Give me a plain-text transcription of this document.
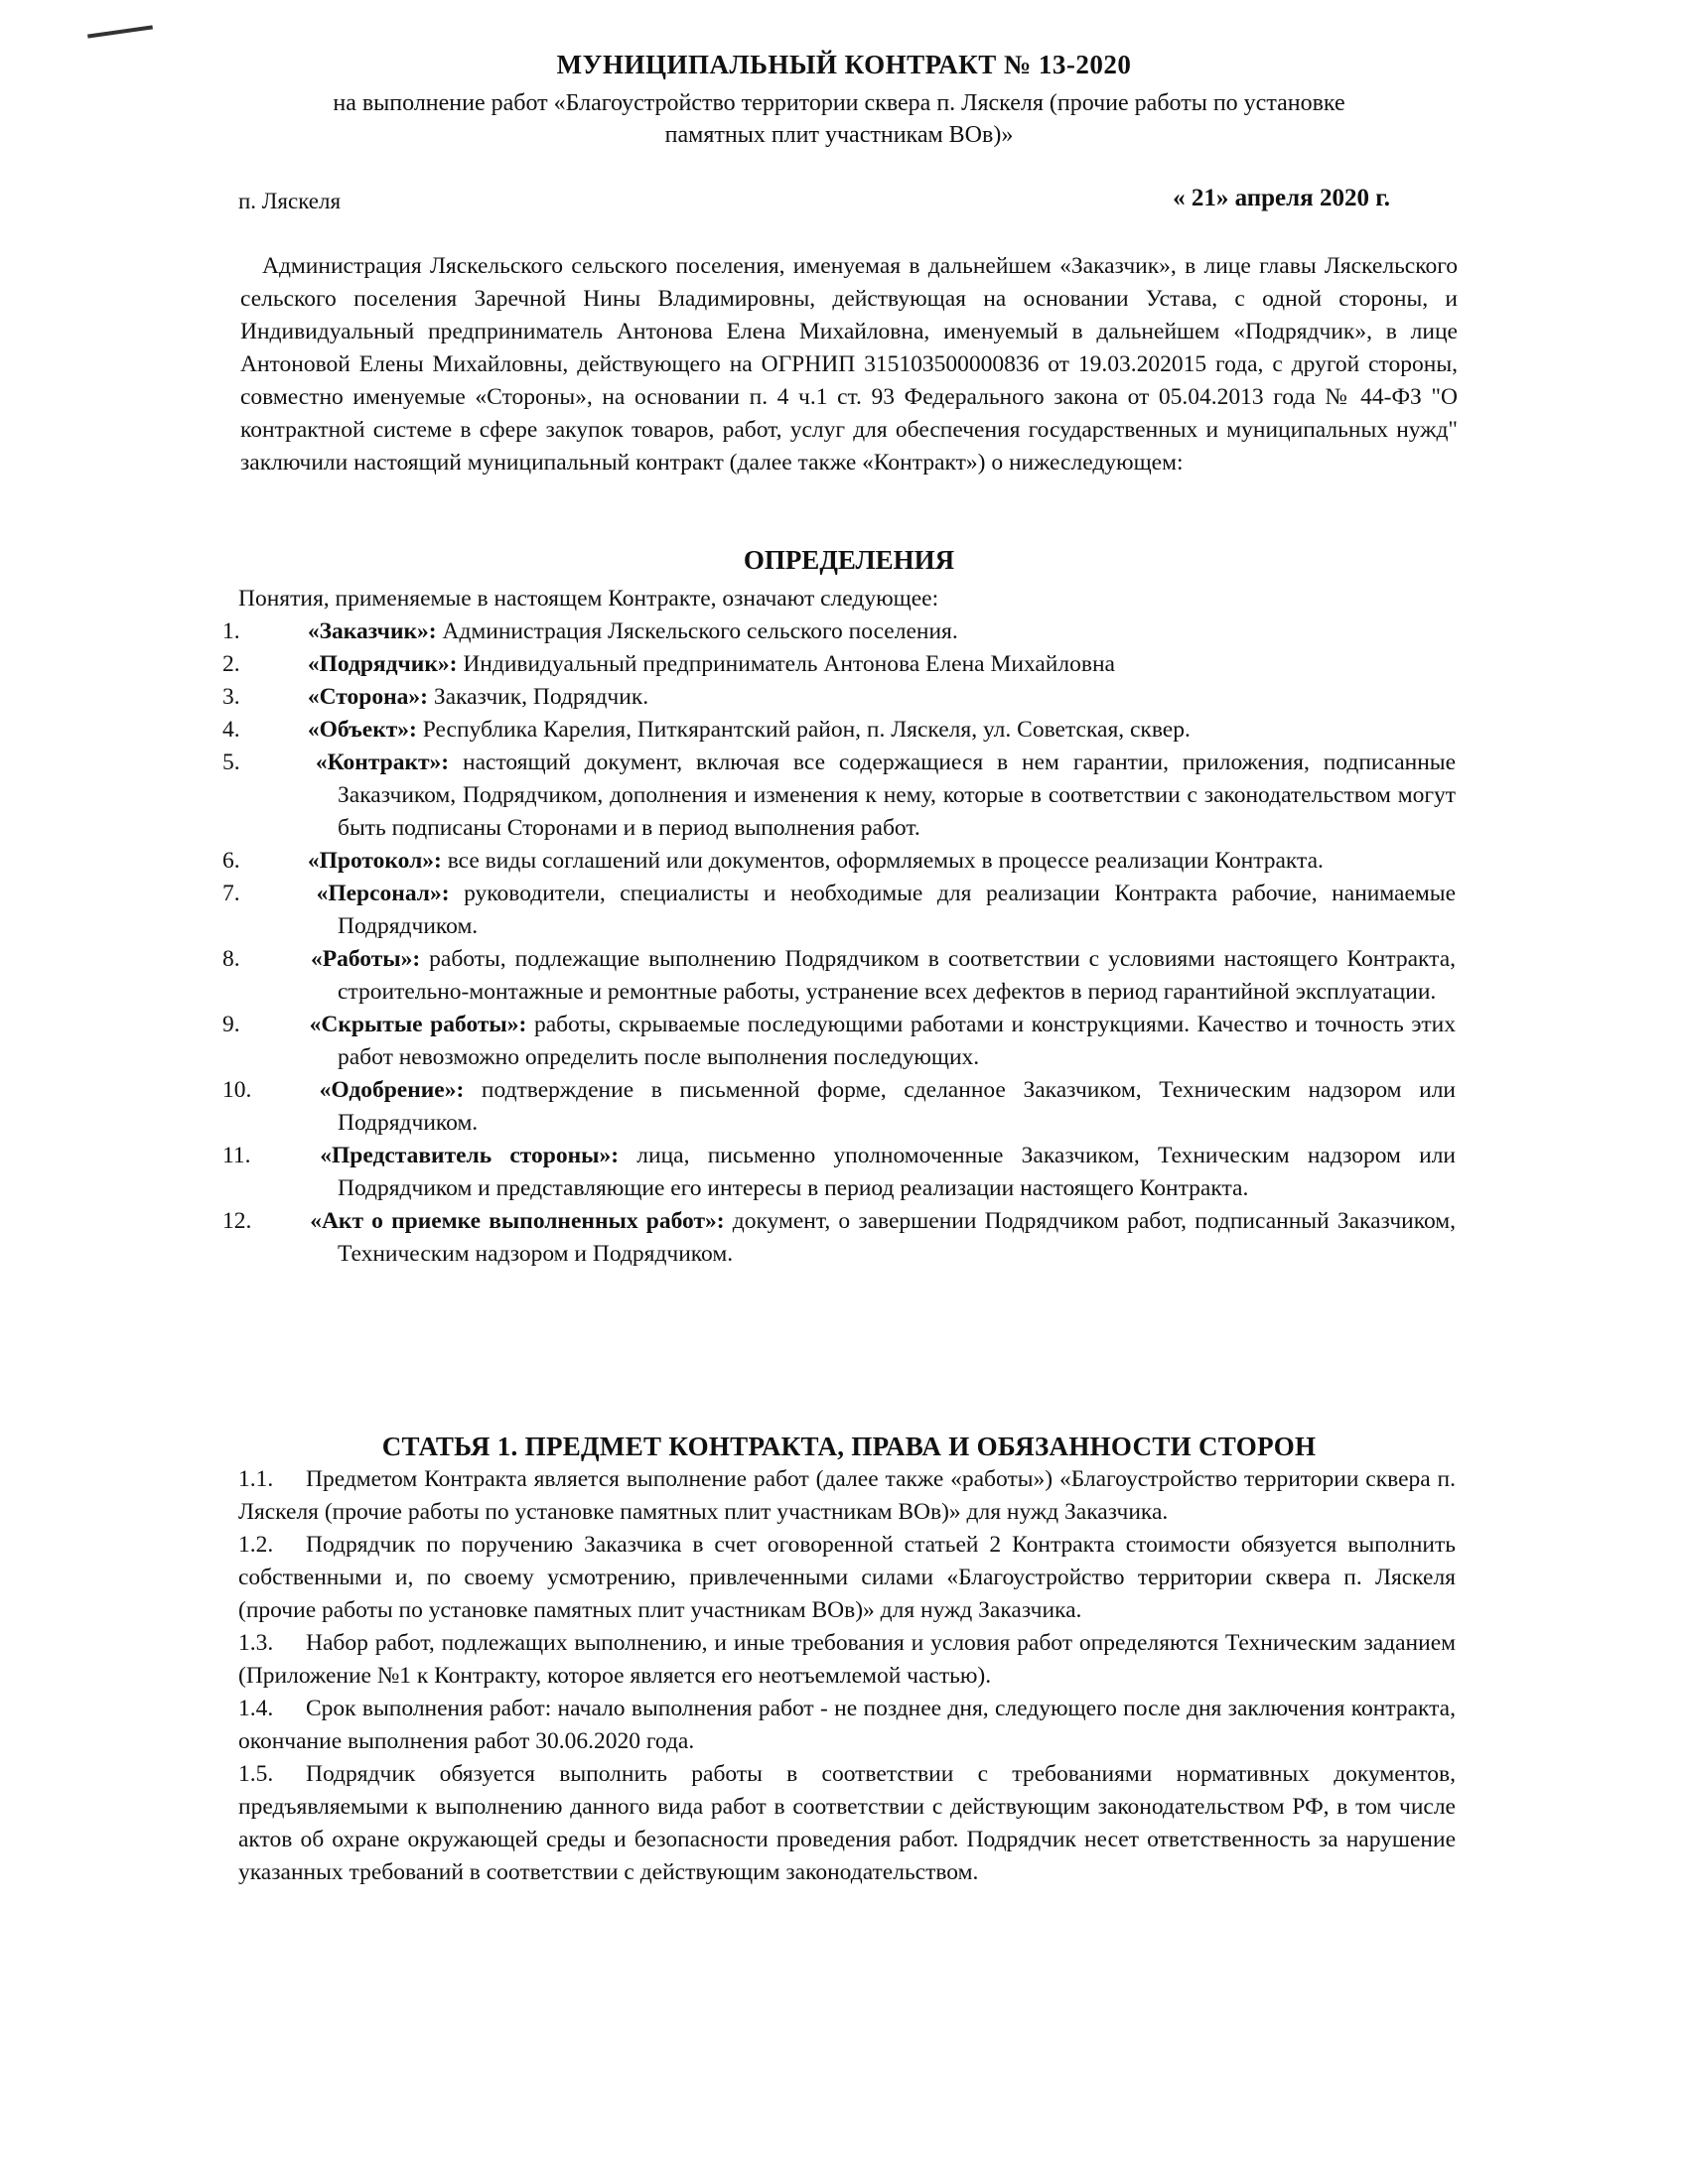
МУНИЦИПАЛЬНЫЙ КОНТРАКТ № 13-2020
на выполнение работ «Благоустройство территории сквера п. Ляскеля (прочие работы по установке памятных плит участникам ВОв)»
п. Ляскеля	« 21» апреля 2020 г.
Администрация Ляскельского сельского поселения, именуемая в дальнейшем «Заказчик», в лице главы Ляскельского сельского поселения Заречной Нины Владимировны, действующая на основании Устава, с одной стороны, и Индивидуальный предприниматель Антонова Елена Михайловна, именуемый в дальнейшем «Подрядчик», в лице Антоновой Елены Михайловны, действующего на ОГРНИП 315103500000836 от 19.03.202015 года, с другой стороны, совместно именуемые «Стороны», на основании п. 4 ч.1 ст. 93 Федерального закона от 05.04.2013 года № 44-ФЗ "О контрактной системе в сфере закупок товаров, работ, услуг для обеспечения государственных и муниципальных нужд" заключили настоящий муниципальный контракт (далее также «Контракт») о нижеследующем:
ОПРЕДЕЛЕНИЯ
Понятия, применяемые в настоящем Контракте, означают следующее:
1.	«Заказчик»: Администрация Ляскельского сельского поселения.
2.	«Подрядчик»: Индивидуальный предприниматель Антонова Елена Михайловна
3.	«Сторона»: Заказчик, Подрядчик.
4.	«Объект»: Республика Карелия, Питкярантский район, п. Ляскеля, ул. Советская, сквер.
5.	«Контракт»: настоящий документ, включая все содержащиеся в нем гарантии, приложения, подписанные Заказчиком, Подрядчиком, дополнения и изменения к нему, которые в соответствии с законодательством могут быть подписаны Сторонами и в период выполнения работ.
6.	«Протокол»: все виды соглашений или документов, оформляемых в процессе реализации Контракта.
7.	«Персонал»: руководители, специалисты и необходимые для реализации Контракта рабочие, нанимаемые Подрядчиком.
8.	«Работы»: работы, подлежащие выполнению Подрядчиком в соответствии с условиями настоящего Контракта, строительно-монтажные и ремонтные работы, устранение всех дефектов в период гарантийной эксплуатации.
9.	«Скрытые работы»: работы, скрываемые последующими работами и конструкциями. Качество и точность этих работ невозможно определить после выполнения последующих.
10.	«Одобрение»: подтверждение в письменной форме, сделанное Заказчиком, Техническим надзором или Подрядчиком.
11.	«Представитель стороны»: лица, письменно уполномоченные Заказчиком, Техническим надзором или Подрядчиком и представляющие его интересы в период реализации настоящего Контракта.
12.	«Акт о приемке выполненных работ»: документ, о завершении Подрядчиком работ, подписанный Заказчиком, Техническим надзором и Подрядчиком.
СТАТЬЯ 1. ПРЕДМЕТ КОНТРАКТА, ПРАВА И ОБЯЗАННОСТИ СТОРОН

1.1. Предметом Контракта является выполнение работ (далее также «работы») «Благоустройство территории сквера п. Ляскеля (прочие работы по установке памятных плит участникам ВОв)» для нужд Заказчика.

1.2. Подрядчик по поручению Заказчика в счет оговоренной статьей 2 Контракта стоимости обязуется выполнить собственными и, по своему усмотрению, привлеченными силами «Благоустройство территории сквера п. Ляскеля (прочие работы по установке памятных плит участникам ВОв)» для нужд Заказчика.

1.3. Набор работ, подлежащих выполнению, и иные требования и условия работ определяются Техническим заданием (Приложение №1 к Контракту, которое является его неотъемлемой частью).

1.4. Срок выполнения работ: начало выполнения работ - не позднее дня, следующего после дня заключения контракта, окончание выполнения работ 30.06.2020 года.

1.5. Подрядчик обязуется выполнить работы в соответствии с требованиями нормативных документов, предъявляемыми к выполнению данного вида работ в соответствии с действующим законодательством РФ, в том числе актов об охране окружающей среды и безопасности проведения работ. Подрядчик несет ответственность за нарушение указанных требований в соответствии с действующим законодательством.
